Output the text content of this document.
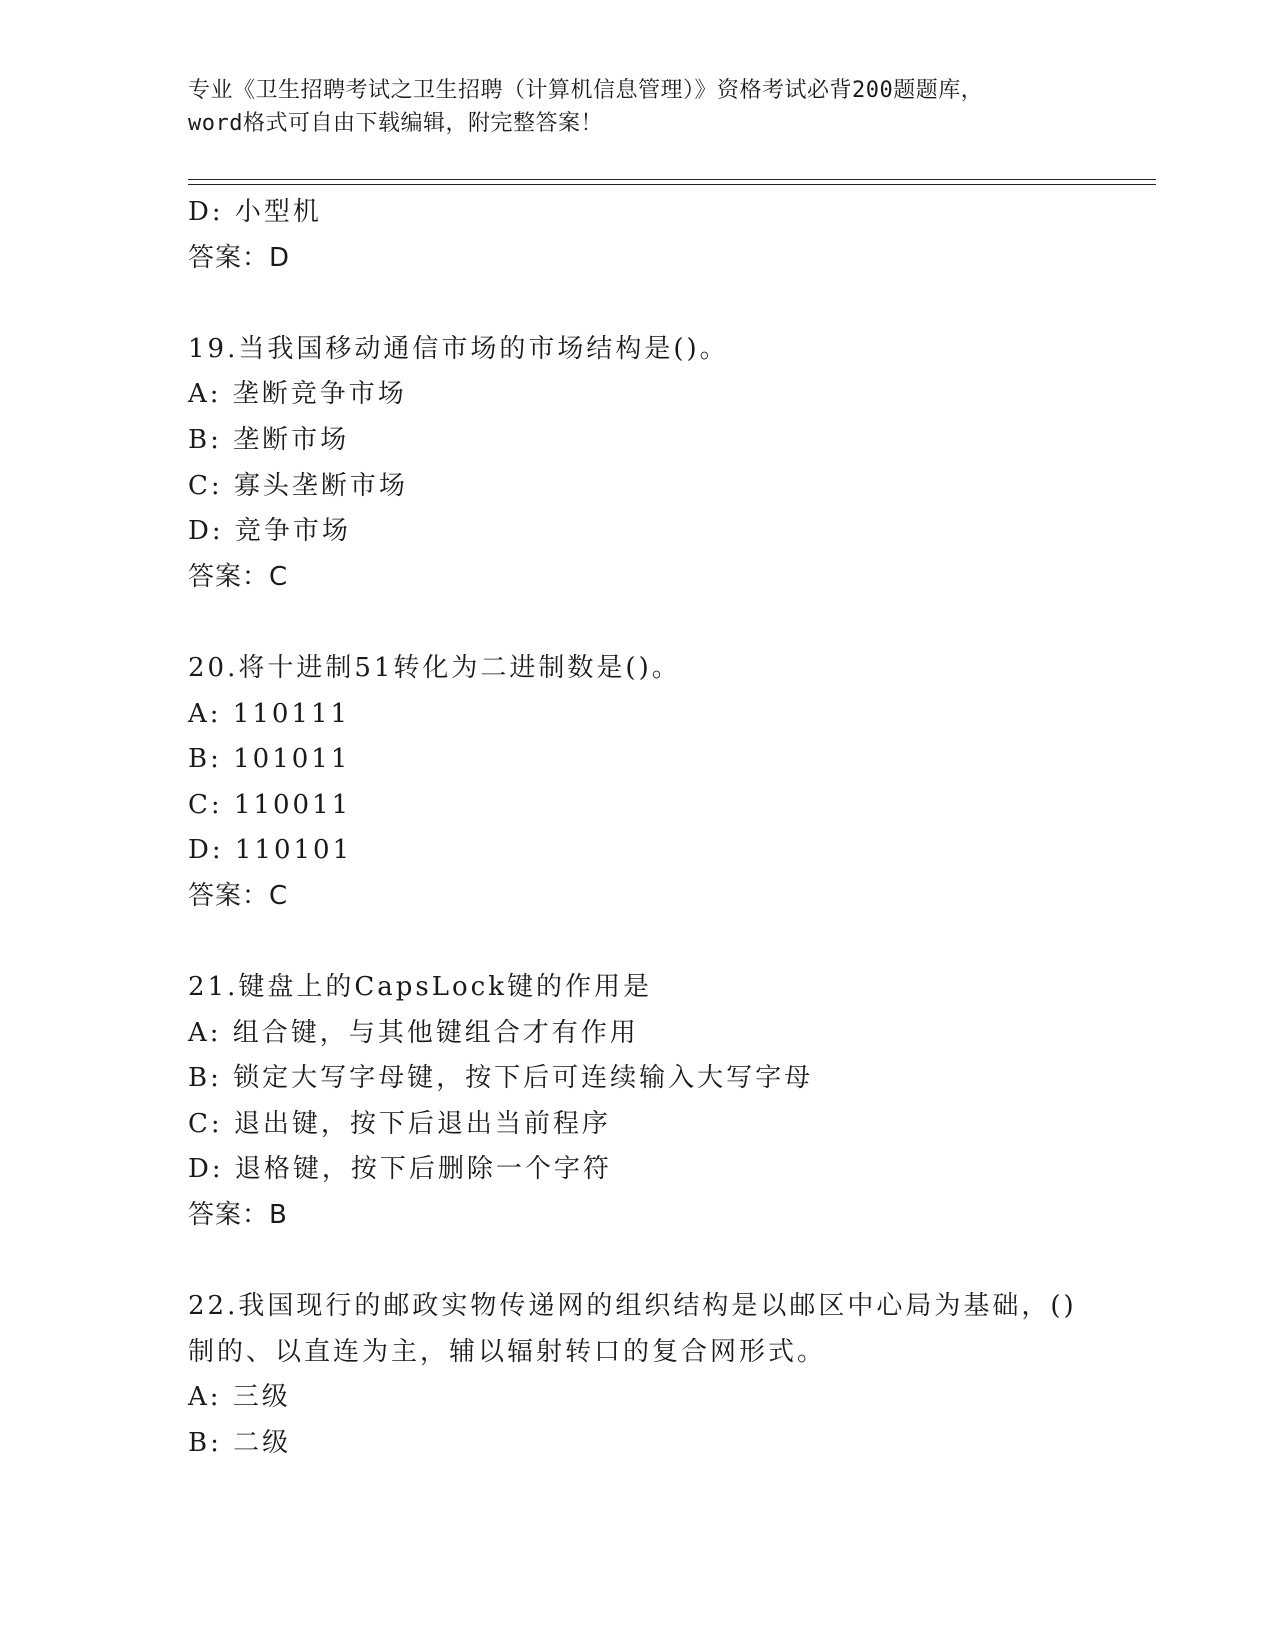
专业《卫生招聘考试之卫生招聘（计算机信息管理）》资格考试必背200题题库，
word格式可自由下载编辑，附完整答案！
D: 小型机
答案：D
19.当我国移动通信市场的市场结构是()。
A: 垄断竞争市场
B: 垄断市场
C: 寡头垄断市场
D: 竞争市场
答案：C
20.将十进制51转化为二进制数是()。
A: 110111
B: 101011
C: 110011
D: 110101
答案：C
21.键盘上的CapsLock键的作用是
A: 组合键，与其他键组合才有作用
B: 锁定大写字母键，按下后可连续输入大写字母
C: 退出键，按下后退出当前程序
D: 退格键，按下后删除一个字符
答案：B
22.我国现行的邮政实物传递网的组织结构是以邮区中心局为基础，()
制的、以直连为主，辅以辐射转口的复合网形式。
A: 三级
B: 二级
